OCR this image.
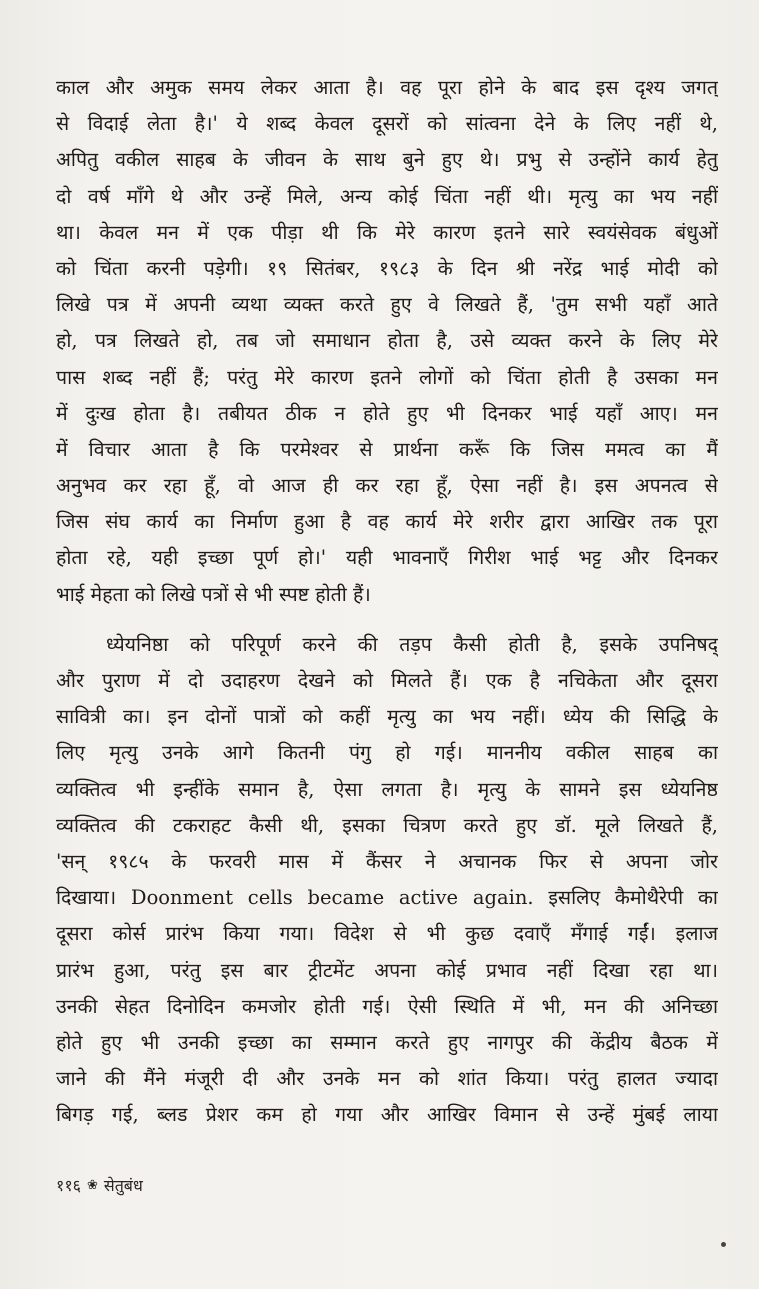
काल और अमुक समय लेकर आता है। वह पूरा होने के बाद इस दृश्य जगत्
से विदाई लेता है।' ये शब्द केवल दूसरों को सांत्वना देने के लिए नहीं थे,
अपितु वकील साहब के जीवन के साथ बुने हुए थे। प्रभु से उन्होंने कार्य हेतु
दो वर्ष माँगे थे और उन्हें मिले, अन्य कोई चिंता नहीं थी। मृत्यु का भय नहीं
था। केवल मन में एक पीड़ा थी कि मेरे कारण इतने सारे स्वयंसेवक बंधुओं
को चिंता करनी पड़ेगी। १९ सितंबर, १९८३ के दिन श्री नरेंद्र भाई मोदी को
लिखे पत्र में अपनी व्यथा व्यक्त करते हुए वे लिखते हैं, 'तुम सभी यहाँ आते
हो, पत्र लिखते हो, तब जो समाधान होता है, उसे व्यक्त करने के लिए मेरे
पास शब्द नहीं हैं; परंतु मेरे कारण इतने लोगों को चिंता होती है उसका मन
में दुःख होता है। तबीयत ठीक न होते हुए भी दिनकर भाई यहाँ आए। मन
में विचार आता है कि परमेश्वर से प्रार्थना करूँ कि जिस ममत्व का मैं
अनुभव कर रहा हूँ, वो आज ही कर रहा हूँ, ऐसा नहीं है। इस अपनत्व से
जिस संघ कार्य का निर्माण हुआ है वह कार्य मेरे शरीर द्वारा आखिर तक पूरा
होता रहे, यही इच्छा पूर्ण हो।' यही भावनाएँ गिरीश भाई भट्ट और दिनकर
भाई मेहता को लिखे पत्रों से भी स्पष्ट होती हैं।

ध्येयनिष्ठा को परिपूर्ण करने की तड़प कैसी होती है, इसके उपनिषद्
और पुराण में दो उदाहरण देखने को मिलते हैं। एक है नचिकेता और दूसरा
सावित्री का। इन दोनों पात्रों को कहीं मृत्यु का भय नहीं। ध्येय की सिद्धि के
लिए मृत्यु उनके आगे कितनी पंगु हो गई। माननीय वकील साहब का
व्यक्तित्व भी इन्हींके समान है, ऐसा लगता है। मृत्यु के सामने इस ध्येयनिष्ठ
व्यक्तित्व की टकराहट कैसी थी, इसका चित्रण करते हुए डॉ. मूले लिखते हैं,
'सन् १९८५ के फरवरी मास में कैंसर ने अचानक फिर से अपना जोर
दिखाया। Doonment cells became active again. इसलिए कैमोथैरेपी का
दूसरा कोर्स प्रारंभ किया गया। विदेश से भी कुछ दवाएँ मँगाई गईं। इलाज
प्रारंभ हुआ, परंतु इस बार ट्रीटमेंट अपना कोई प्रभाव नहीं दिखा रहा था।
उनकी सेहत दिनोदिन कमजोर होती गई। ऐसी स्थिति में भी, मन की अनिच्छा
होते हुए भी उनकी इच्छा का सम्मान करते हुए नागपुर की केंद्रीय बैठक में
जाने की मैंने मंजूरी दी और उनके मन को शांत किया। परंतु हालत ज्यादा
बिगड़ गई, ब्लड प्रेशर कम हो गया और आखिर विमान से उन्हें मुंबई लाया

११६ ❀ सेतुबंध
